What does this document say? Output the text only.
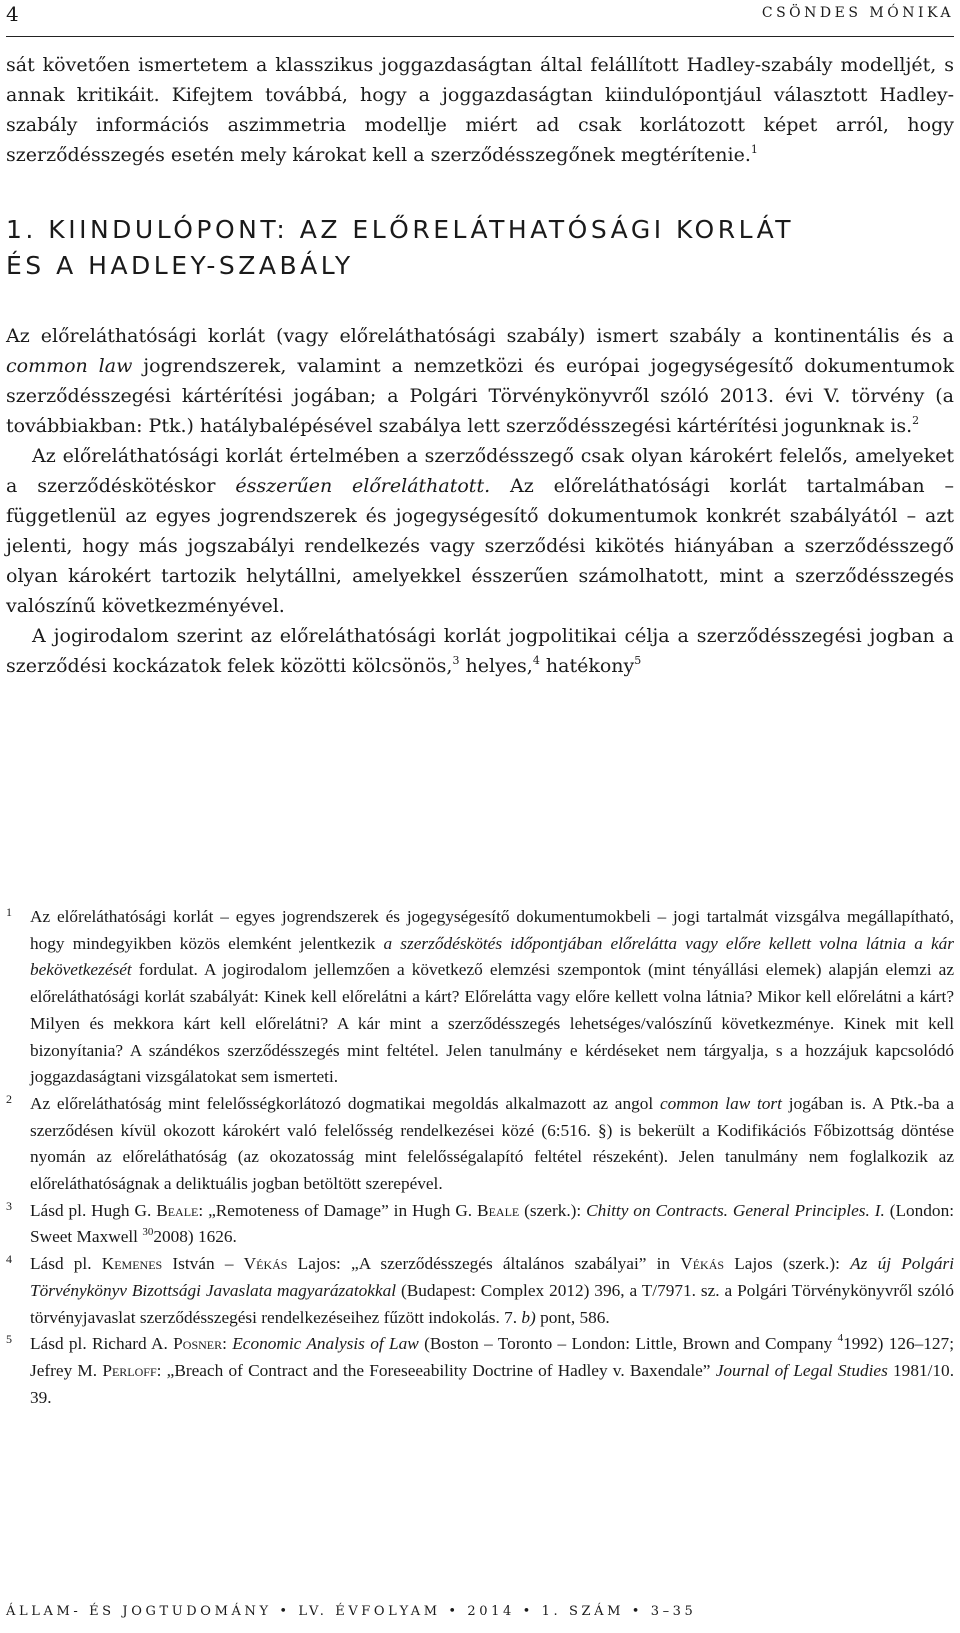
4	CSÖNDES MÓNIKA

sát követően ismertetem a klasszikus joggazdaságtan által felállított Hadley-szabály modelljét, s annak kritikáit. Kifejtem továbbá, hogy a joggazdaságtan kiindulópontjául választott Hadley-szabály információs aszimmetria modellje miért ad csak korlátozott képet arról, hogy szerződésszegés esetén mely károkat kell a szerződésszegőnek megtérítenie.$^1$

1. KIINDULÓPONT: AZ ELŐRELÁTHATÓSÁGI KORLÁT
ÉS A HADLEY-SZABÁLY

Az előreláthatósági korlát (vagy előreláthatósági szabály) ismert szabály a kontinentális és a common law jogrendszerek, valamint a nemzetközi és európai jogegységesítő dokumentumok szerződésszegési kártérítési jogában; a Polgári Törvénykönyvről szóló 2013. évi V. törvény (a továbbiakban: Ptk.) hatálybalépésével szabálya lett szerződésszegési kártérítési jogunknak is.$^2$

Az előreláthatósági korlát értelmében a szerződésszegő csak olyan károkért felelős, amelyeket a szerződéskötéskor ésszerűen előreláthatott. Az előreláthatósági korlát tartalmában – függetlenül az egyes jogrendszerek és jogegységesítő dokumentumok konkrét szabályától – azt jelenti, hogy más jogszabályi rendelkezés vagy szerződési kikötés hiányában a szerződésszegő olyan károkért tartozik helytállni, amelyekkel ésszerűen számolhatott, mint a szerződésszegés valószínű következményével.

A jogirodalom szerint az előreláthatósági korlát jogpolitikai célja a szerződésszegési jogban a szerződési kockázatok felek közötti kölcsönös,$^3$ helyes,$^4$ hatékony$^5$

1 Az előreláthatósági korlát – egyes jogrendszerek és jogegységesítő dokumentumokbeli – jogi tartalmát vizsgálva megállapítható, hogy mindegyikben közös elemként jelentkezik a szerződéskötés időpontjában előrelátta vagy előre kellett volna látnia a kár bekövetkezését fordulat. A jogirodalom jellemzően a következő elemzési szempontok (mint tényállási elemek) alapján elemzi az előreláthatósági korlát szabályát: Kinek kell előrelátni a kárt? Előrelátta vagy előre kellett volna látnia? Mikor kell előrelátni a kárt? Milyen és mekkora kárt kell előrelátni? A kár mint a szerződésszegés lehetséges/valószínű következménye. Kinek mit kell bizonyítania? A szándékos szerződésszegés mint feltétel. Jelen tanulmány e kérdéseket nem tárgyalja, s a hozzájuk kapcsolódó joggazdaságtani vizsgálatokat sem ismerteti.
2 Az előreláthatóság mint felelősségkorlátozó dogmatikai megoldás alkalmazott az angol common law tort jogában is. A Ptk.-ba a szerződésen kívül okozott károkért való felelősség rendelkezései közé (6:516. §) is bekerült a Kodifikációs Főbizottság döntése nyomán az előreláthatóság (az okozatosság mint felelősségalapító feltétel részeként). Jelen tanulmány nem foglalkozik az előreláthatóságnak a deliktuális jogban betöltött szerepével.
3 Lásd pl. Hugh G. Beale: „Remoteness of Damage” in Hugh G. Beale (szerk.): Chitty on Contracts. General Principles. I. (London: Sweet Maxwell $^{30}$2008) 1626.
4 Lásd pl. Kemenes István – Vékás Lajos: „A szerződésszegés általános szabályai” in Vékás Lajos (szerk.): Az új Polgári Törvénykönyv Bizottsági Javaslata magyarázatokkal (Budapest: Complex 2012) 396, a T/7971. sz. a Polgári Törvénykönyvről szóló törvényjavaslat szerződésszegési rendelkezéseihez fűzött indokolás. 7. b) pont, 586.
5 Lásd pl. Richard A. Posner: Economic Analysis of Law (Boston – Toronto – London: Little, Brown and Company $^4$1992) 126–127; Jefrey M. Perloff: „Breach of Contract and the Foreseeability Doctrine of Hadley v. Baxendale” Journal of Legal Studies 1981/10. 39.
ÁLLAM- ÉS JOGTUDOMÁNY • LV. ÉVFOLYAM • 2014 • 1. SZÁM • 3–35
